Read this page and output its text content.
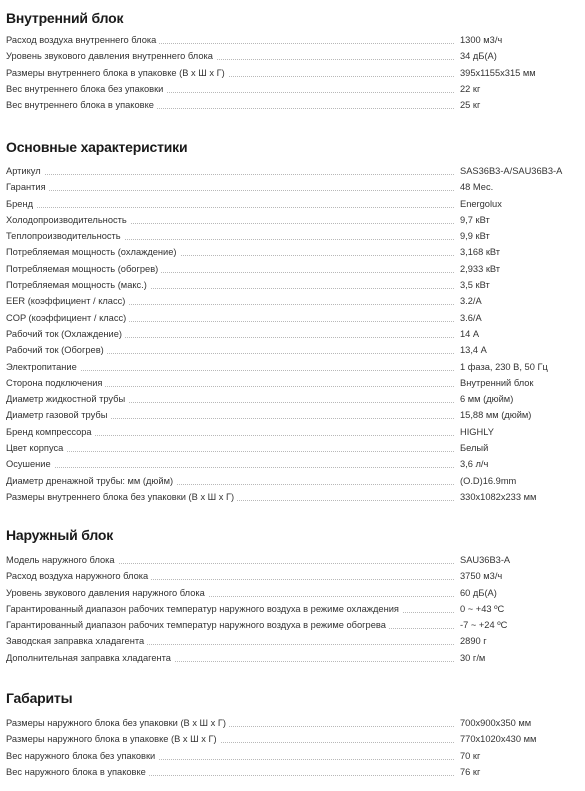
Внутренний блок
Расход воздуха внутреннего блока	1300 м3/ч
Уровень звукового давления внутреннего блока	34 дБ(A)
Размеры внутреннего блока в упаковке (В x Ш x Г)	395x1155x315 мм
Вес внутреннего блока без упаковки	22 кг
Вес внутреннего блока в упаковке	25 кг
Основные характеристики
Артикул	SAS36B3-A/SAU36B3-A
Гарантия	48 Мес.
Бренд	Energolux
Холодопроизводительность	9,7 кВт
Теплопроизводительность	9,9 кВт
Потребляемая мощность (охлаждение)	3,168 кВт
Потребляемая мощность (обогрев)	2,933 кВт
Потребляемая мощность (макс.)	3,5 кВт
EER (коэффициент / класс)	3.2/A
COP (коэффициент / класс)	3.6/A
Рабочий ток (Охлаждение)	14 А
Рабочий ток (Обогрев)	13,4 А
Электропитание	1 фаза, 230 В, 50 Гц
Сторона подключения	Внутренний блок
Диаметр жидкостной трубы	6 мм (дюйм)
Диаметр газовой трубы	15,88 мм (дюйм)
Бренд компрессора	HIGHLY
Цвет корпуса	Белый
Осушение	3,6 л/ч
Диаметр дренажной трубы: мм (дюйм)	(O.D)16.9mm
Размеры внутреннего блока без упаковки (В x Ш x Г)	330x1082x233 мм
Наружный блок
Модель наружного блока	SAU36B3-A
Расход воздуха наружного блока	3750 м3/ч
Уровень звукового давления наружного блока	60 дБ(A)
Гарантированный диапазон рабочих температур наружного воздуха в режиме охлаждения	0 ~ +43 ºC
Гарантированный диапазон рабочих температур наружного воздуха в режиме обогрева	-7 ~ +24 ºC
Заводская заправка хладагента	2890 г
Дополнительная заправка хладагента	30 г/м
Габариты
Размеры наружного блока без упаковки (В x Ш x Г)	700x900x350 мм
Размеры наружного блока в упаковке (В x Ш x Г)	770x1020x430 мм
Вес наружного блока без упаковки	70 кг
Вес наружного блока в упаковке	76 кг
